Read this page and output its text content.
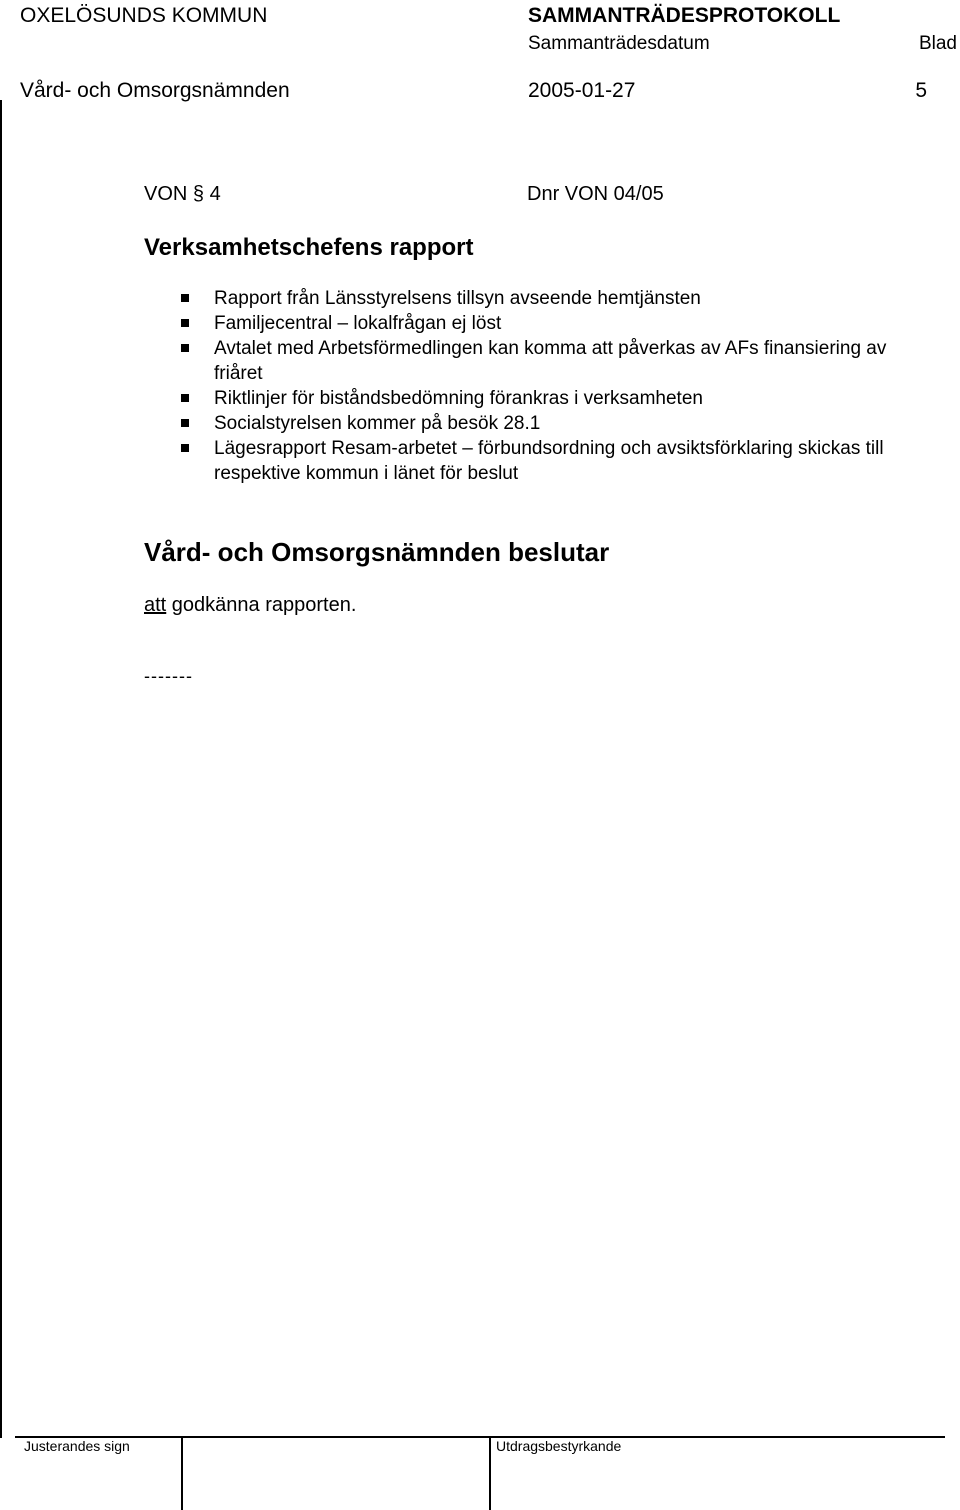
OXELÖSUNDS KOMMUN	SAMMANTRÄDESPROTOKOLL
Sammanträdesdatum	Blad
Vård- och Omsorgsnämnden	2005-01-27	5
VON § 4	Dnr VON 04/05
Verksamhetschefens rapport
Rapport från Länsstyrelsens tillsyn avseende hemtjänsten
Familjecentral – lokalfrågan ej löst
Avtalet med Arbetsförmedlingen kan komma att påverkas av AFs finansiering av friåret
Riktlinjer för biståndsbedömning förankras i verksamheten
Socialstyrelsen kommer på besök 28.1
Lägesrapport Resam-arbetet – förbundsordning och avsiktsförklaring skickas till respektive kommun i länet för beslut
Vård- och Omsorgsnämnden beslutar
att godkänna rapporten.
-------
Justerandes sign	Utdragsbestyrkande
